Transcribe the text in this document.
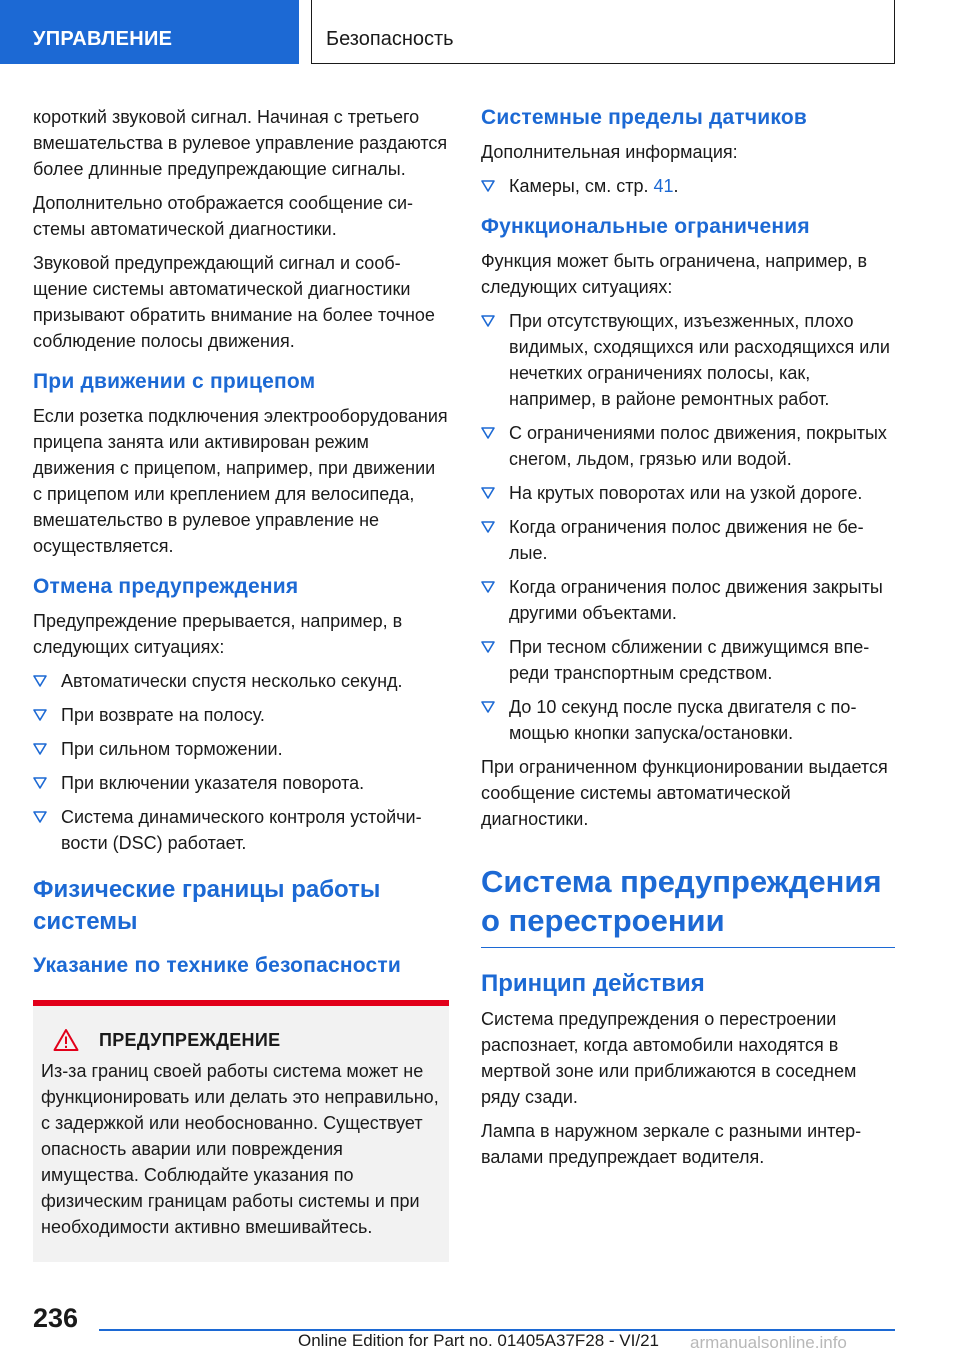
УПРАВЛЕНИЕ	Безопасность

короткий звуковой сигнал. Начиная с третьего вмешательства в рулевое управление раздаются более длинные предупреждающие сигналы.

Дополнительно отображается сообщение системы автоматической диагностики.

Звуковой предупреждающий сигнал и сообщение системы автоматической диагностики призывают обратить внимание на более точное соблюдение полосы движения.

При движении с прицепом

Если розетка подключения электрооборудования прицепа занята или активирован режим движения с прицепом, например, при движении с прицепом или креплением для велосипеда, вмешательство в рулевое управление не осуществляется.

Отмена предупреждения

Предупреждение прерывается, например, в следующих ситуациях:

Автоматически спустя несколько секунд.
При возврате на полосу.
При сильном торможении.
При включении указателя поворота.
Система динамического контроля устойчивости (DSC) работает.
Физические границы работы системы
Указание по технике безопасности
ПРЕДУПРЕЖДЕНИЕ
Из-за границ своей работы система может не функционировать или делать это неправильно, с задержкой или необоснованно. Существует опасность аварии или повреждения имущества. Соблюдайте указания по физическим границам работы системы и при необходимости активно вмешивайтесь.
Системные пределы датчиков

Дополнительная информация:

Камеры, см. стр. 41.
Функциональные ограничения

Функция может быть ограничена, например, в следующих ситуациях:

При отсутствующих, изъезженных, плохо видимых, сходящихся или расходящихся или нечетких ограничениях полосы, как, например, в районе ремонтных работ.
С ограничениями полос движения, покрытых снегом, льдом, грязью или водой.
На крутых поворотах или на узкой дороге.
Когда ограничения полос движения не белые.
Когда ограничения полос движения закрыты другими объектами.
При тесном сближении с движущимся впереди транспортным средством.
До 10 секунд после пуска двигателя с помощью кнопки запуска/остановки.

При ограниченном функционировании выдается сообщение системы автоматической диагностики.

Система предупреждения о перестроении
Принцип действия

Система предупреждения о перестроении распознает, когда автомобили находятся в мертвой зоне или приближаются в соседнем ряду сзади.

Лампа в наружном зеркале с разными интервалами предупреждает водителя.

236
Online Edition for Part no. 01405A37F28 - VI/21 armanualsonline.info
